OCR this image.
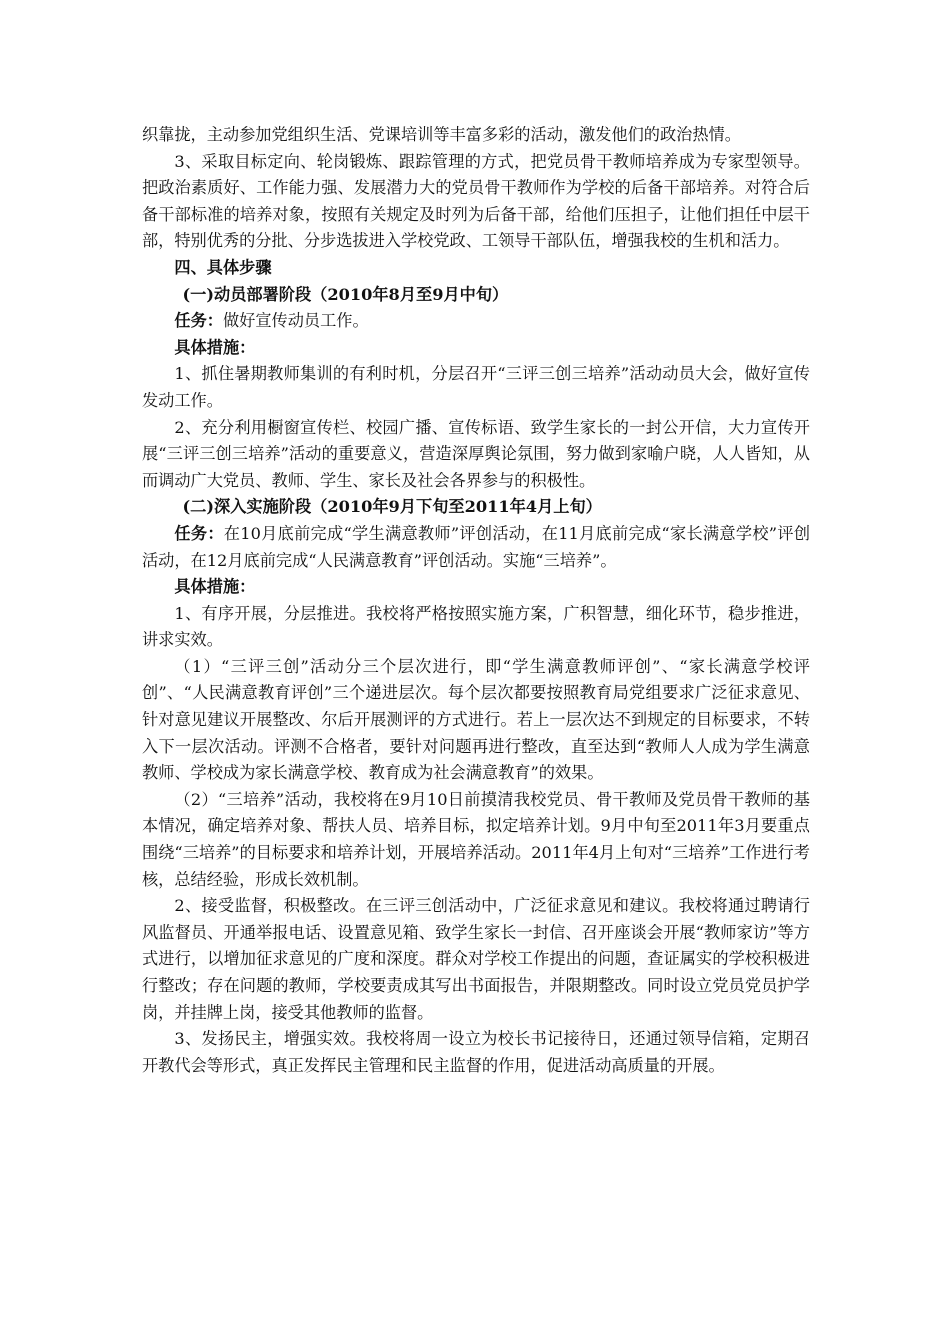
织靠拢，主动参加党组织生活、党课培训等丰富多彩的活动，激发他们的政治热情。

3、采取目标定向、轮岗锻炼、跟踪管理的方式，把党员骨干教师培养成为专家型领导。把政治素质好、工作能力强、发展潜力大的党员骨干教师作为学校的后备干部培养。对符合后备干部标准的培养对象，按照有关规定及时列为后备干部，给他们压担子，让他们担任中层干部，特别优秀的分批、分步选拔进入学校党政、工领导干部队伍，增强我校的生机和活力。

四、具体步骤

(一)动员部署阶段（2010年8月至9月中旬）

任务：做好宣传动员工作。

具体措施：

1、抓住暑期教师集训的有利时机，分层召开“三评三创三培养”活动动员大会，做好宣传发动工作。

2、充分利用橱窗宣传栏、校园广播、宣传标语、致学生家长的一封公开信，大力宣传开展“三评三创三培养”活动的重要意义，营造深厚舆论氛围，努力做到家喻户晓，人人皆知，从而调动广大党员、教师、学生、家长及社会各界参与的积极性。

(二)深入实施阶段（2010年9月下旬至2011年4月上旬）

任务：在10月底前完成“学生满意教师”评创活动，在11月底前完成“家长满意学校”评创活动，在12月底前完成“人民满意教育”评创活动。实施“三培养”。

具体措施：

1、有序开展，分层推进。我校将严格按照实施方案，广积智慧，细化环节，稳步推进，讲求实效。

（1）“三评三创”活动分三个层次进行，即“学生满意教师评创”、“家长满意学校评创”、“人民满意教育评创”三个递进层次。每个层次都要按照教育局党组要求广泛征求意见、针对意见建议开展整改、尔后开展测评的方式进行。若上一层次达不到规定的目标要求，不转入下一层次活动。评测不合格者，要针对问题再进行整改，直至达到“教师人人成为学生满意教师、学校成为家长满意学校、教育成为社会满意教育”的效果。

（2）“三培养”活动，我校将在9月10日前摸清我校党员、骨干教师及党员骨干教师的基本情况，确定培养对象、帮扶人员、培养目标，拟定培养计划。9月中旬至2011年3月要重点围绕“三培养”的目标要求和培养计划，开展培养活动。2011年4月上旬对“三培养”工作进行考核，总结经验，形成长效机制。

2、接受监督，积极整改。在三评三创活动中，广泛征求意见和建议。我校将通过聘请行风监督员、开通举报电话、设置意见箱、致学生家长一封信、召开座谈会开展“教师家访”等方式进行，以增加征求意见的广度和深度。群众对学校工作提出的问题，查证属实的学校积极进行整改；存在问题的教师，学校要责成其写出书面报告，并限期整改。同时设立党员党员护学岗，并挂牌上岗，接受其他教师的监督。

3、发扬民主，增强实效。我校将周一设立为校长书记接待日，还通过领导信箱，定期召开教代会等形式，真正发挥民主管理和民主监督的作用，促进活动高质量的开展。
